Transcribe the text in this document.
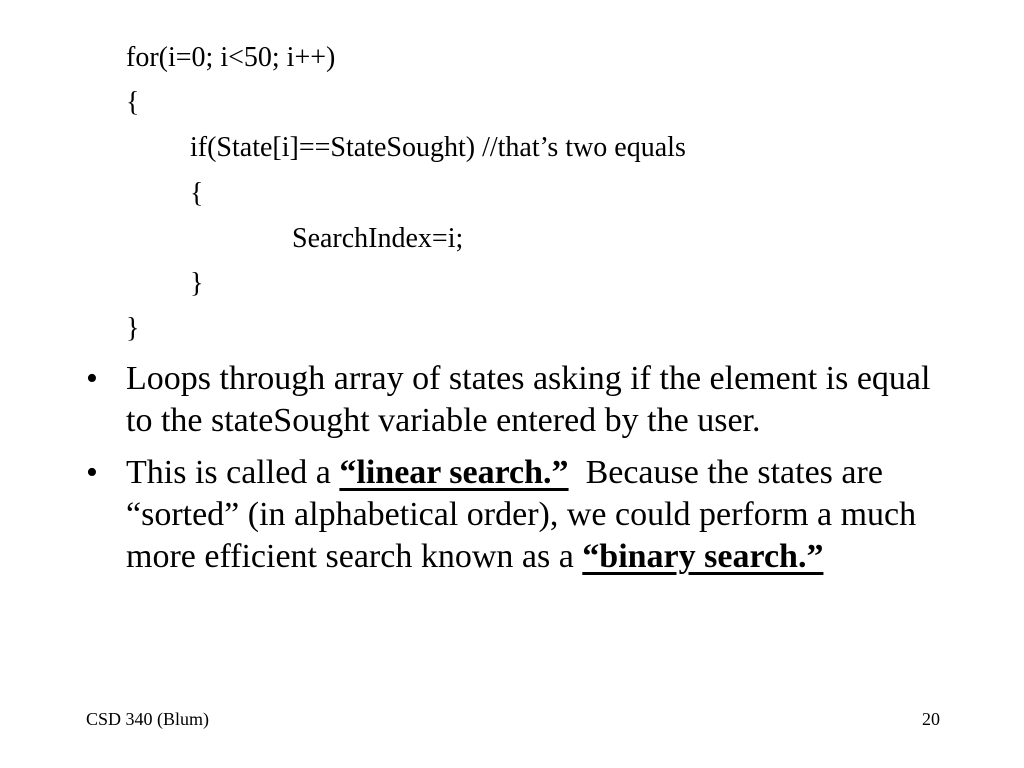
for(i=0; i<50; i++)
{
if(State[i]==StateSought) //that’s two equals
{
SearchIndex=i;
}
}
• Loops through array of states asking if the element is equal to the stateSought variable entered by the user.
• This is called a “linear search.”  Because the states are “sorted” (in alphabetical order), we could perform a much more efficient search known as a “binary search.”
CSD 340 (Blum)	20
